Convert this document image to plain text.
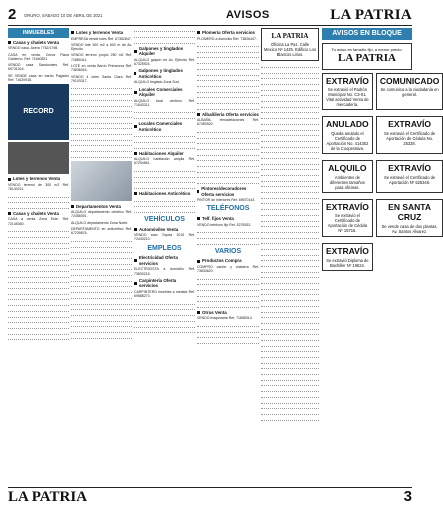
2	ORURO, SÁBADO 10 DE ABRIL DE 2021	AVISOS	LA PATRIA
INMUEBLES
Casas y chalets Venta
VENDO casa. Acera 7762/1798.
CASA en venta. Cerca Plaza Gobierno. Ref. 71640821
VENDO casa Sandovales Ref. 69731024.
SE VENDE casa en barrio Pagador Ref. 71620918.
RECORD
Lotes y terrenos Venta
VENDO terreno de 300 m2 Ref. 76140211.
Casas y chalets Venta
CASA a venta Zona Este. Ref. 72145360.
Lotes y terrenos Venta
EMPRESA vende lotes Ref. 67382847.
VENDO lote 300 m2 a 800 m de Av. Ejército.
VENDO terreno propio 250 m2 Ref. 71880411.
LOTE en venta Barrio Primavera Ref. 73836044.
VENDO 4 lotes Santa Clara Ref. 79103317.
Departamentos Venta
ALQUILO departamento céntrico Ref. 72458391.
ALQUILO departamento Zona Norte.
DEPARTAMENTO en anticrético Ref. 67239876.
Galpones y tinglados Alquiler
ALQUILO galpón en Av. Ejército Ref. 67325924.
Galpones y tinglados Anticrético
ALQUILO tinglado Zona Sud.
Locales Comerciales Alquiler
ALQUILO local céntrico Ref. 71643211.
Locales Comerciales Anticrético
Habitaciones Alquiler
ALQUILO habitación amplia Ref. 67294561.
Habitaciones Anticrético
VEHÍCULOS
Automóviles Venta
VENDO auto Toyota 2015 Ref. 72443210.
EMPLEOS
Electricidad Oferta servicios
ELECTRICISTA a domicilio Ref. 73830215.
Carpintería Oferta servicios
CARPINTERO muebles a medida Ref. 69588273.
Plomería Oferta servicios
PLOMERO a domicilio Ref. 73826447.
Albañilería Oferta servicios
ALBAÑIL remodelaciones Ref. 67483920.
Pintores/decoradores Oferta servicios
PINTOR de interiores Ref. 69570143.
TELÉFONOS
Telf. fijos Venta
VENDO teléfono fijo Ref. 5276532.
VARIOS
Productos Compra
COMPRO cartón y chatarra Ref. 73833620.
Otros Venta
VENDO maquinaria Ref. 71858314.
LA PATRIA
Oficina La Paz. Calle Mexico Nº 1425. Edificio Los Blancos Lirios.
AVISOS EN BLOQUE
Tu aviso en tamaño fijo, a menor precio.
LA PATRIA
EXTRAVÍO
Se extravió el Padrón Municipal No. C3-01. Vital actividad Venta de mercadería.
COMUNICADO
Se comunica a la ciudadanía en general.
ANULADO
Queda anulado el Certificado de Aportación No. 414352 de la Cooperativa.
EXTRAVÍO
Se extravió el Certificado de Aportación de Cédula No. 25328.
ALQUILO
Ambientes de diferentes tamaños para oficinas.
EXTRAVÍO
Se extravió el Certificado de Aportación Nº 525346.
EXTRAVÍO
Se extravió el Certificado de Aportación de Cédula Nº 15716.
EN SANTA CRUZ
Se vende casa de dos plantas, Av. Santos Álvarez.
EXTRAVÍO
Se extravió Diploma de Bachiller Nº 19624.
LA PATRIA	3
